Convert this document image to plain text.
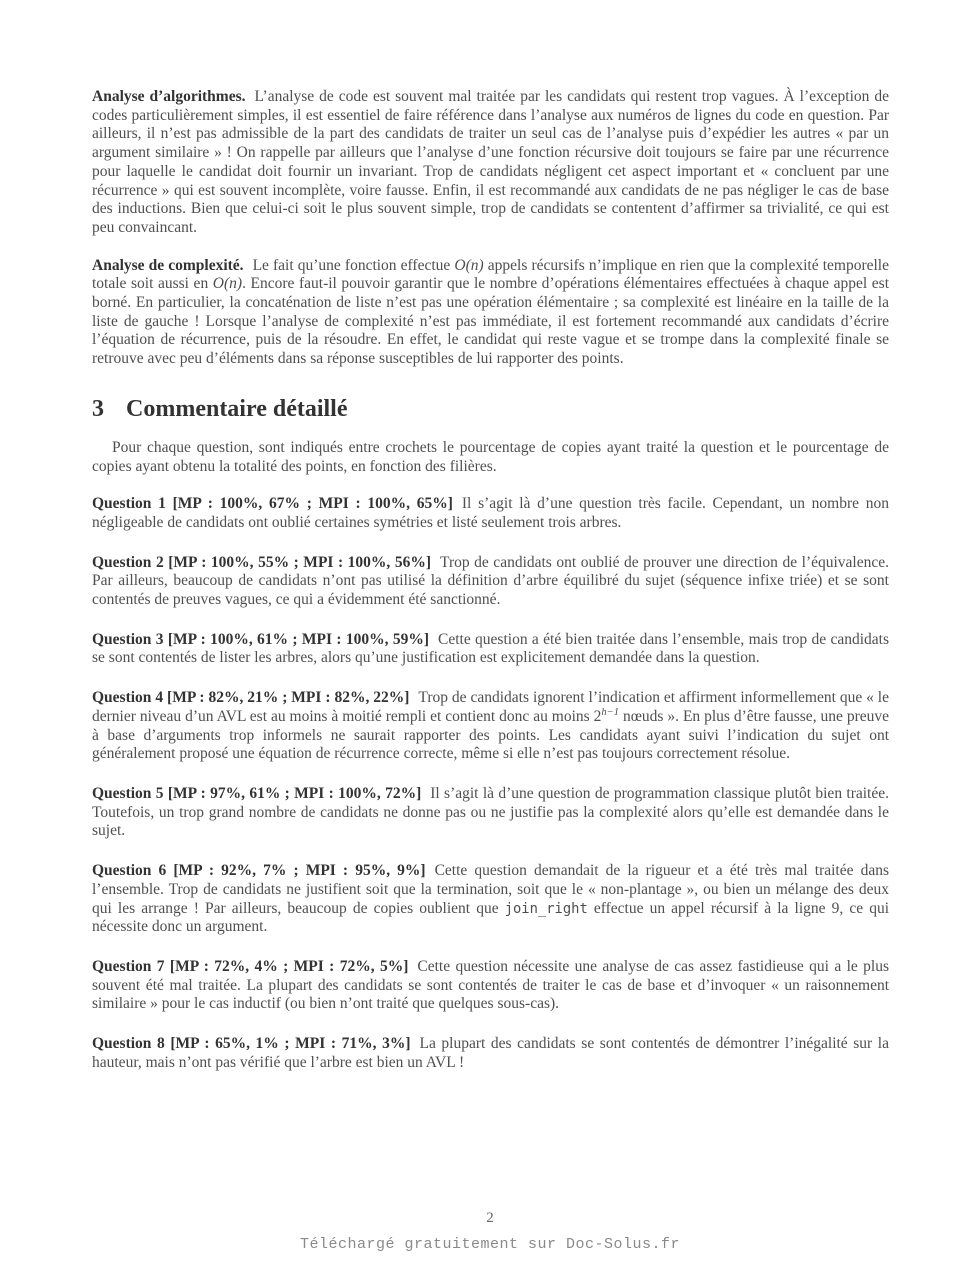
Analyse d’algorithmes. L’analyse de code est souvent mal traitée par les candidats qui restent trop vagues. À l’exception de codes particulièrement simples, il est essentiel de faire référence dans l’analyse aux numéros de lignes du code en question. Par ailleurs, il n’est pas admissible de la part des candidats de traiter un seul cas de l’analyse puis d’expédier les autres « par un argument similaire » ! On rappelle par ailleurs que l’analyse d’une fonction récursive doit toujours se faire par une récurrence pour laquelle le candidat doit fournir un invariant. Trop de candidats négligent cet aspect important et « concluent par une récurrence » qui est souvent incomplète, voire fausse. Enfin, il est recommandé aux candidats de ne pas négliger le cas de base des inductions. Bien que celui-ci soit le plus souvent simple, trop de candidats se contentent d’affirmer sa trivialité, ce qui est peu convaincant.

Analyse de complexité. Le fait qu’une fonction effectue O(n) appels récursifs n’implique en rien que la complexité temporelle totale soit aussi en O(n). Encore faut-il pouvoir garantir que le nombre d’opérations élémentaires effectuées à chaque appel est borné. En particulier, la concaténation de liste n’est pas une opération élémentaire ; sa complexité est linéaire en la taille de la liste de gauche ! Lorsque l’analyse de complexité n’est pas immédiate, il est fortement recommandé aux candidats d’écrire l’équation de récurrence, puis de la résoudre. En effet, le candidat qui reste vague et se trompe dans la complexité finale se retrouve avec peu d’éléments dans sa réponse susceptibles de lui rapporter des points.

3 Commentaire détaillé

Pour chaque question, sont indiqués entre crochets le pourcentage de copies ayant traité la question et le pourcentage de copies ayant obtenu la totalité des points, en fonction des filières.

Question 1 [MP : 100%, 67% ; MPI : 100%, 65%] Il s’agit là d’une question très facile. Cependant, un nombre non négligeable de candidats ont oublié certaines symétries et listé seulement trois arbres.

Question 2 [MP : 100%, 55% ; MPI : 100%, 56%] Trop de candidats ont oublié de prouver une direction de l’équivalence. Par ailleurs, beaucoup de candidats n’ont pas utilisé la définition d’arbre équilibré du sujet (séquence infixe triée) et se sont contentés de preuves vagues, ce qui a évidemment été sanctionné.

Question 3 [MP : 100%, 61% ; MPI : 100%, 59%] Cette question a été bien traitée dans l’ensemble, mais trop de candidats se sont contentés de lister les arbres, alors qu’une justification est explicitement demandée dans la question.

Question 4 [MP : 82%, 21% ; MPI : 82%, 22%] Trop de candidats ignorent l’indication et affirment informellement que « le dernier niveau d’un AVL est au moins à moitié rempli et contient donc au moins $2^{h-1}$ nœuds ». En plus d’être fausse, une preuve à base d’arguments trop informels ne saurait rapporter des points. Les candidats ayant suivi l’indication du sujet ont généralement proposé une équation de récurrence correcte, même si elle n’est pas toujours correctement résolue.

Question 5 [MP : 97%, 61% ; MPI : 100%, 72%] Il s’agit là d’une question de programmation classique plutôt bien traitée. Toutefois, un trop grand nombre de candidats ne donne pas ou ne justifie pas la complexité alors qu’elle est demandée dans le sujet.

Question 6 [MP : 92%, 7% ; MPI : 95%, 9%] Cette question demandait de la rigueur et a été très mal traitée dans l’ensemble. Trop de candidats ne justifient soit que la termination, soit que le « non-plantage », ou bien un mélange des deux qui les arrange ! Par ailleurs, beaucoup de copies oublient que join_right effectue un appel récursif à la ligne 9, ce qui nécessite donc un argument.

Question 7 [MP : 72%, 4% ; MPI : 72%, 5%] Cette question nécessite une analyse de cas assez fastidieuse qui a le plus souvent été mal traitée. La plupart des candidats se sont contentés de traiter le cas de base et d’invoquer « un raisonnement similaire » pour le cas inductif (ou bien n’ont traité que quelques sous-cas).

Question 8 [MP : 65%, 1% ; MPI : 71%, 3%] La plupart des candidats se sont contentés de démontrer l’inégalité sur la hauteur, mais n’ont pas vérifié que l’arbre est bien un AVL !

2
Téléchargé gratuitement sur Doc-Solus.fr
